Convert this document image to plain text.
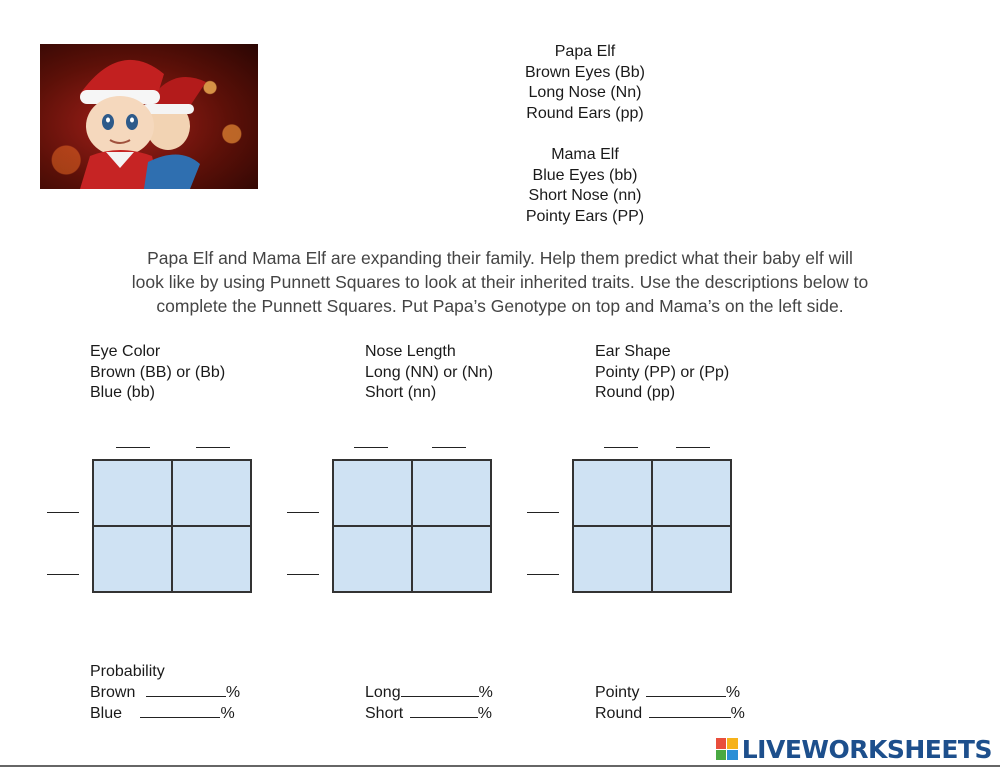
Papa Elf
Brown Eyes (Bb)
Long Nose (Nn)
Round Ears (pp)
Mama Elf
Blue Eyes (bb)
Short Nose (nn)
Pointy Ears (PP)
Papa Elf and Mama Elf are expanding their family. Help them predict what their baby elf will
look like by using Punnett Squares to look at their inherited traits. Use the descriptions below to
complete the Punnett Squares. Put Papa’s Genotype on top and Mama’s on the left side.
Eye Color
Brown (BB) or (Bb)
Blue (bb)
Nose Length
Long (NN) or (Nn)
Short (nn)
Ear Shape
Pointy (PP) or (Pp)
Round (pp)
Probability
Brown	%
Blue	%
Long	%
Short	%
Pointy	%
Round	%
LIVEWORKSHEETS
